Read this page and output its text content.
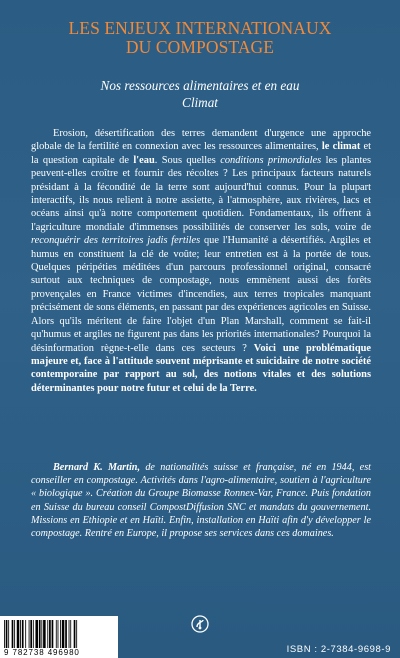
LES ENJEUX INTERNATIONAUX
DU COMPOSTAGE
Nos ressources alimentaires et en eau
Climat
Erosion, désertification des terres demandent d'urgence une approche globale de la fertilité en connexion avec les ressources alimentaires, le climat et la question capitale de l'eau. Sous quelles conditions primordiales les plantes peuvent-elles croître et fournir des récoltes ? Les principaux facteurs naturels présidant à la fécondité de la terre sont aujourd'hui connus. Pour la plupart interactifs, ils nous relient à notre assiette, à l'atmosphère, aux rivières, lacs et océans ainsi qu'à notre comportement quotidien. Fondamentaux, ils offrent à l'agriculture mondiale d'immenses possibilités de conserver les sols, voire de reconquérir des territoires jadis fertiles que l'Humanité a désertifiés. Argiles et humus en constituent la clé de voûte; leur entretien est à la portée de tous. Quelques péripéties méditées d'un parcours professionnel original, consacré surtout aux techniques de compostage, nous emmènent aussi des forêts provençales en France victimes d'incendies, aux terres tropicales manquant précisément de sons éléments, en passant par des expériences agricoles en Suisse. Alors qu'ils méritent de faire l'objet d'un Plan Marshall, comment se fait-il qu'humus et argiles ne figurent pas dans les priorités internationales? Pourquoi la désinformation règne-t-elle dans ces secteurs ? Voici une problématique majeure et, face à l'attitude souvent méprisante et suicidaire de notre société contemporaine par rapport au sol, des notions vitales et des solutions déterminantes pour notre futur et celui de la Terre.
Bernard K. Martin, de nationalités suisse et française, né en 1944, est conseiller en compostage. Activités dans l'agro-alimentaire, soutien à l'agriculture « biologique ». Création du Groupe Biomasse Ronnex-Var, France. Puis fondation en Suisse du bureau conseil CompostDiffusion SNC et mandats du gouvernement. Missions en Ethiopie et en Haïti. Enfin, installation en Haïti afin d'y développer le compostage. Rentré en Europe, il propose ses services dans ces domaines.
9 782738 496980	ISBN : 2-7384-9698-9
